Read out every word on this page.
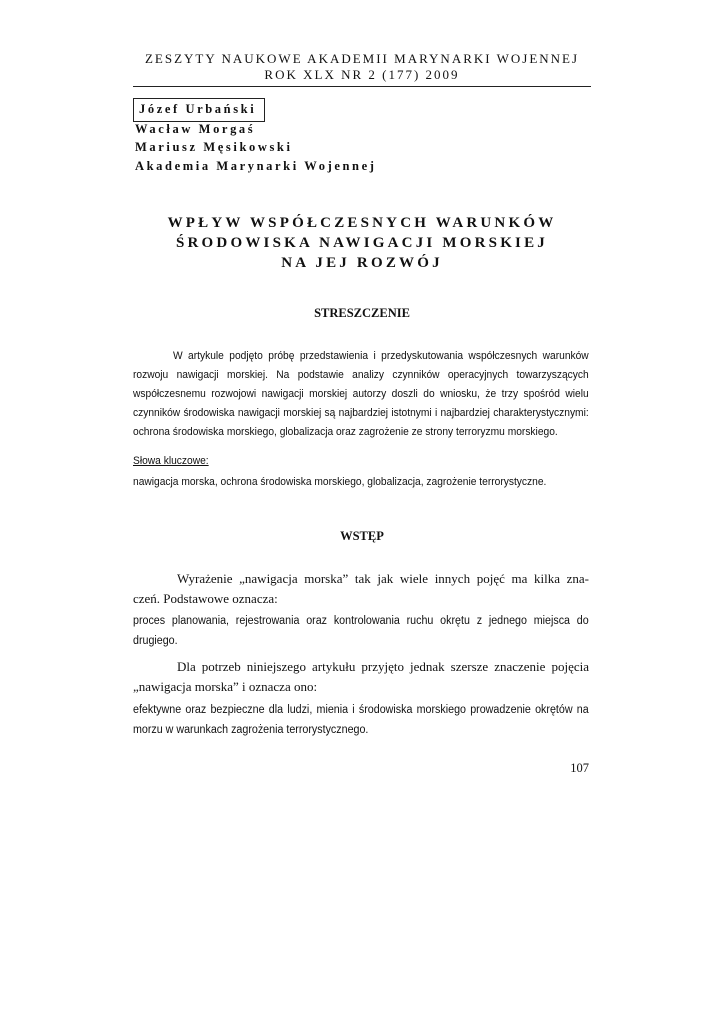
ZESZYTY NAUKOWE AKADEMII MARYNARKI WOJENNEJ
ROK XLX NR 2 (177) 2009
Józef Urbański
Wacław Morgaś
Mariusz Męsikowski
Akademia Marynarki Wojennej
WPŁYW WSPÓŁCZESNYCH WARUNKÓW
ŚRODOWISKA NAWIGACJI MORSKIEJ
NA JEJ ROZWÓJ
STRESZCZENIE
W artykule podjęto próbę przedstawienia i przedyskutowania współczesnych warunków rozwoju nawigacji morskiej. Na podstawie analizy czynników operacyjnych towarzyszących współczesnemu rozwojowi nawigacji morskiej autorzy doszli do wniosku, że trzy spośród wielu czynników środowiska nawigacji morskiej są najbardziej istotnymi i najbardziej charakterystycznymi: ochrona środowiska morskiego, globalizacja oraz zagrożenie ze strony terroryzmu morskiego.
Słowa kluczowe:
nawigacja morska, ochrona środowiska morskiego, globalizacja, zagrożenie terrorystyczne.
WSTĘP
Wyrażenie „nawigacja morska” tak jak wiele innych pojęć ma kilka zna-
czeń. Podstawowe oznacza:
proces planowania, rejestrowania oraz kontrolowania ruchu okrętu z jednego miejsca do drugiego.
Dla potrzeb niniejszego artykułu przyjęto jednak szersze znaczenie pojęcia
„nawigacja morska” i oznacza ono:
efektywne oraz bezpieczne dla ludzi, mienia i środowiska morskiego prowadzenie okrętów na morzu w warunkach zagrożenia terrorystycznego.
107
